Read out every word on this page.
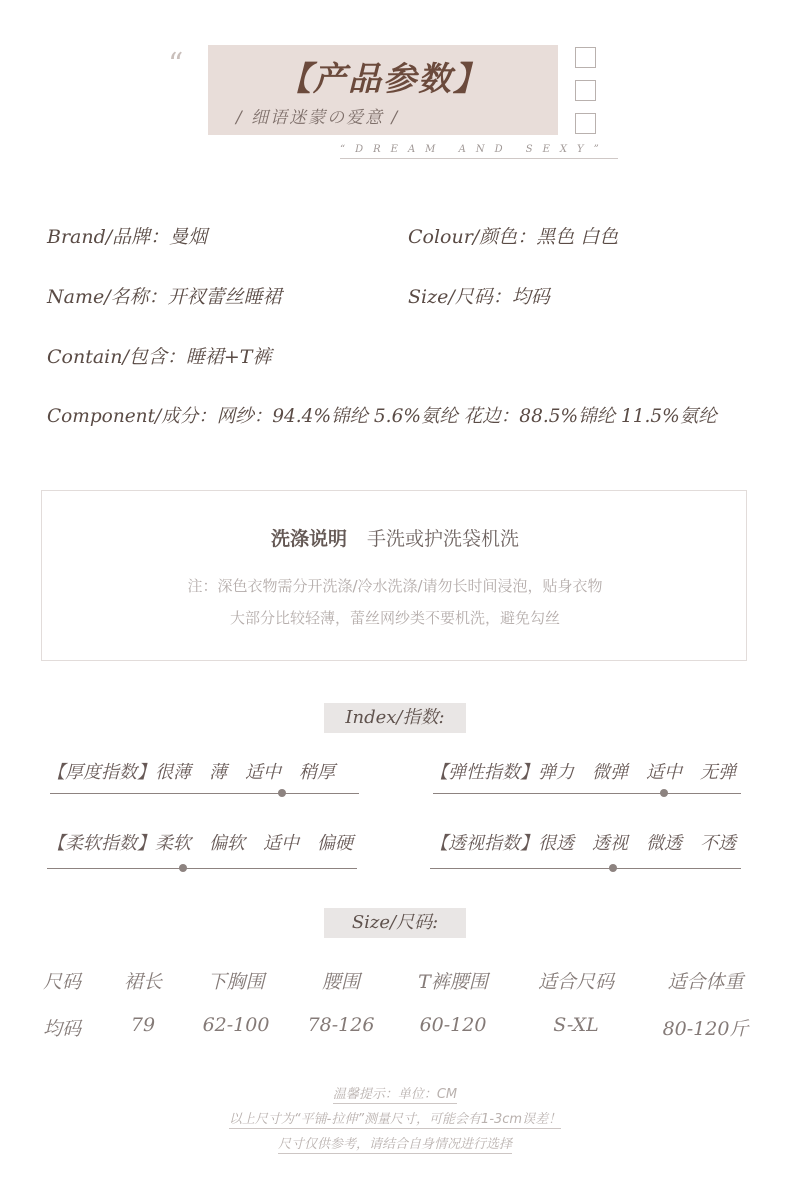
“	【产品参数】
/ 细语迷蒙の爱意 /
“DREAM AND SEXY”
Brand/品牌：曼烟	Colour/颜色：黑色 白色
Name/名称：开衩蕾丝睡裙	Size/尺码：均码
Contain/包含：睡裙+T裤
Component/成分：网纱：94.4%锦纶 5.6%氨纶 花边：88.5%锦纶 11.5%氨纶
洗涤说明 手洗或护洗袋机洗
注：深色衣物需分开洗涤/冷水洗涤/请勿长时间浸泡，贴身衣物
大部分比较轻薄，蕾丝网纱类不要机洗，避免勾丝
Index/指数:
【厚度指数】很薄　薄　适中　稍厚	【弹性指数】弹力　微弹　适中　无弹
【柔软指数】柔软　偏软　适中　偏硬	【透视指数】很透　透视　微透　不透
Size/尺码:
尺码	裙长	下胸围	腰围	T裤腰围	适合尺码	适合体重
均码	79	62-100	78-126	60-120	S-XL	80-120斤
温馨提示：单位：CM
以上尺寸为“平铺-拉伸”测量尺寸，可能会有1-3cm误差！
尺寸仅供参考，请结合自身情况进行选择
